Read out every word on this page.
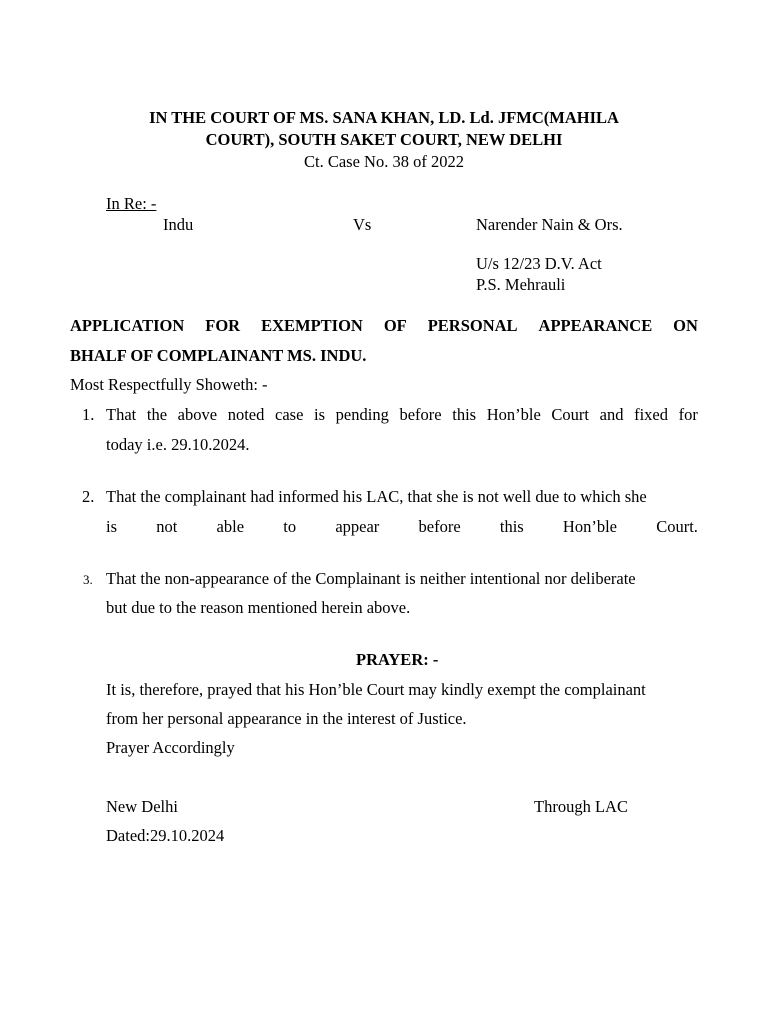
IN THE COURT OF MS. SANA KHAN, LD. Ld. JFMC(MAHILA
COURT), SOUTH SAKET COURT, NEW DELHI
Ct. Case No. 38 of 2022
In Re: -
Indu	Vs	Narender Nain & Ors.
U/s 12/23 D.V. Act
P.S. Mehrauli
APPLICATION FOR EXEMPTION OF PERSONAL APPEARANCE ON
BHALF OF COMPLAINANT MS. INDU.
Most Respectfully Showeth: -
1. That the above noted case is pending before this Hon’ble Court and fixed for
today i.e. 29.10.2024.
2. That the complainant had informed his LAC, that she is not well due to which she
is not able to appear before this Hon’ble Court.
3. That the non-appearance of the Complainant is neither intentional nor deliberate
but due to the reason mentioned herein above.
PRAYER: -
It is, therefore, prayed that his Hon’ble Court may kindly exempt the complainant
from her personal appearance in the interest of Justice.
Prayer Accordingly
New Delhi	Through LAC
Dated:29.10.2024
